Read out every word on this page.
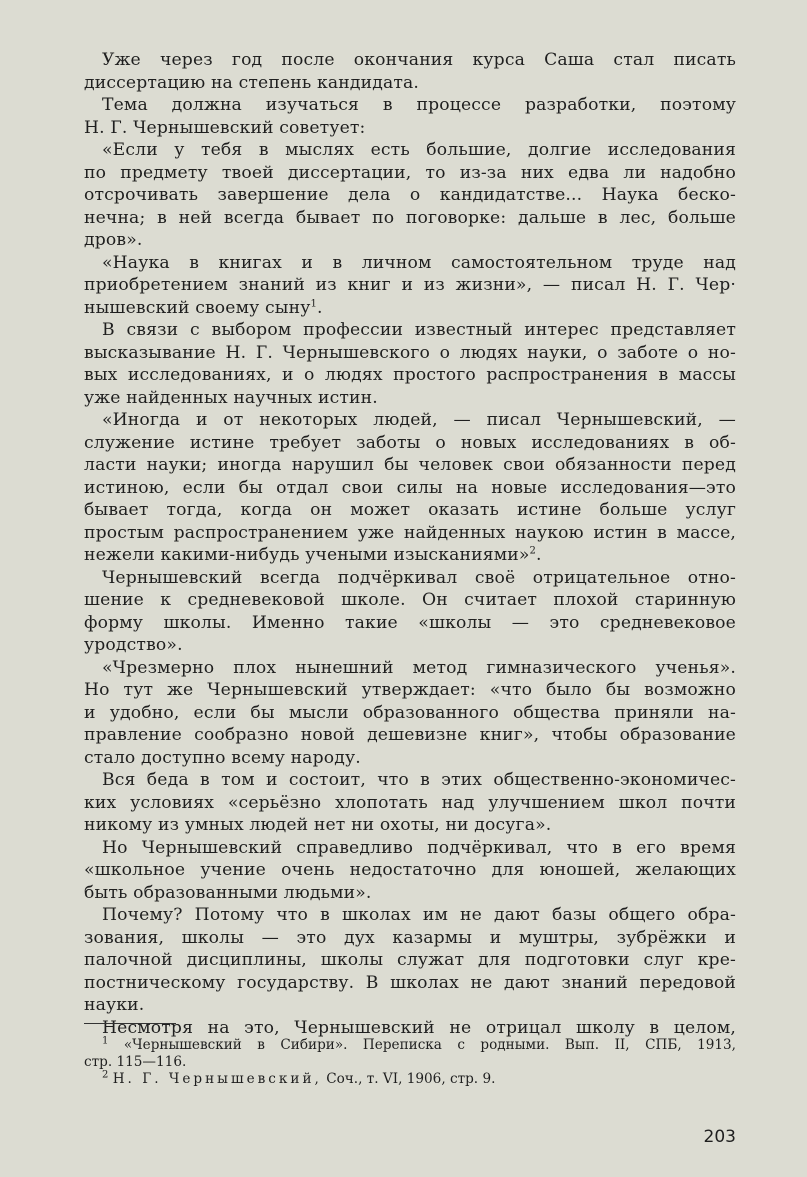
Уже через год после окончания курса Саша стал писать
диссертацию на степень кандидата.
Тема должна изучаться в процессе разработки, поэтому
Н. Г. Чернышевский советует:
«Если у тебя в мыслях есть большие, долгие исследования
по предмету твоей диссертации, то из-за них едва ли надобно
отсрочивать завершение дела о кандидатстве... Наука беско-
нечна; в ней всегда бывает по поговорке: дальше в лес, больше
дров».
«Наука в книгах и в личном самостоятельном труде над
приобретением знаний из книг и из жизни», — писал Н. Г. Чер·
нышевский своему сыну$^1$.
В связи с выбором профессии известный интерес представляет
высказывание Н. Г. Чернышевского о людях науки, о заботе о но-
вых исследованиях, и о людях простого распространения в массы
уже найденных научных истин.
«Иногда и от некоторых людей, — писал Чернышевский, —
служение истине требует заботы о новых исследованиях в об-
ласти науки; иногда нарушил бы человек свои обязанности перед
истиною, если бы отдал свои силы на новые исследования—это
бывает тогда, когда он может оказать истине больше услуг
простым распространением уже найденных наукою истин в массе,
нежели какими-нибудь учеными изысканиями»$^2$.
Чернышевский всегда подчёркивал своё отрицательное отно-
шение к средневековой школе. Он считает плохой старинную
форму школы. Именно такие «школы — это средневековое
уродство».
«Чрезмерно плох нынешний метод гимназического ученья».
Но тут же Чернышевский утверждает: «что было бы возможно
и удобно, если бы мысли образованного общества приняли на-
правление сообразно новой дешевизне книг», чтобы образование
стало доступно всему народу.
Вся беда в том и состоит, что в этих общественно-экономичес-
ких условиях «серьёзно хлопотать над улучшением школ почти
никому из умных людей нет ни охоты, ни досуга».
Но Чернышевский справедливо подчёркивал, что в его время
«школьное учение очень недостаточно для юношей, желающих
быть образованными людьми».
Почему? Потому что в школах им не дают базы общего обра-
зования, школы — это дух казармы и муштры, зубрёжки и
палочной дисциплины, школы служат для подготовки слуг кре-
постническому государству. В школах не дают знаний передовой
науки.
Несмотря на это, Чернышевский не отрицал школу в целом,
$^1$ «Чернышевский в Сибири». Переписка с родными. Вып. II, СПБ, 1913,
стр. 115—116.
$^2$ Н. Г. Чернышевский, Соч., т. VI, 1906, стр. 9.
203
